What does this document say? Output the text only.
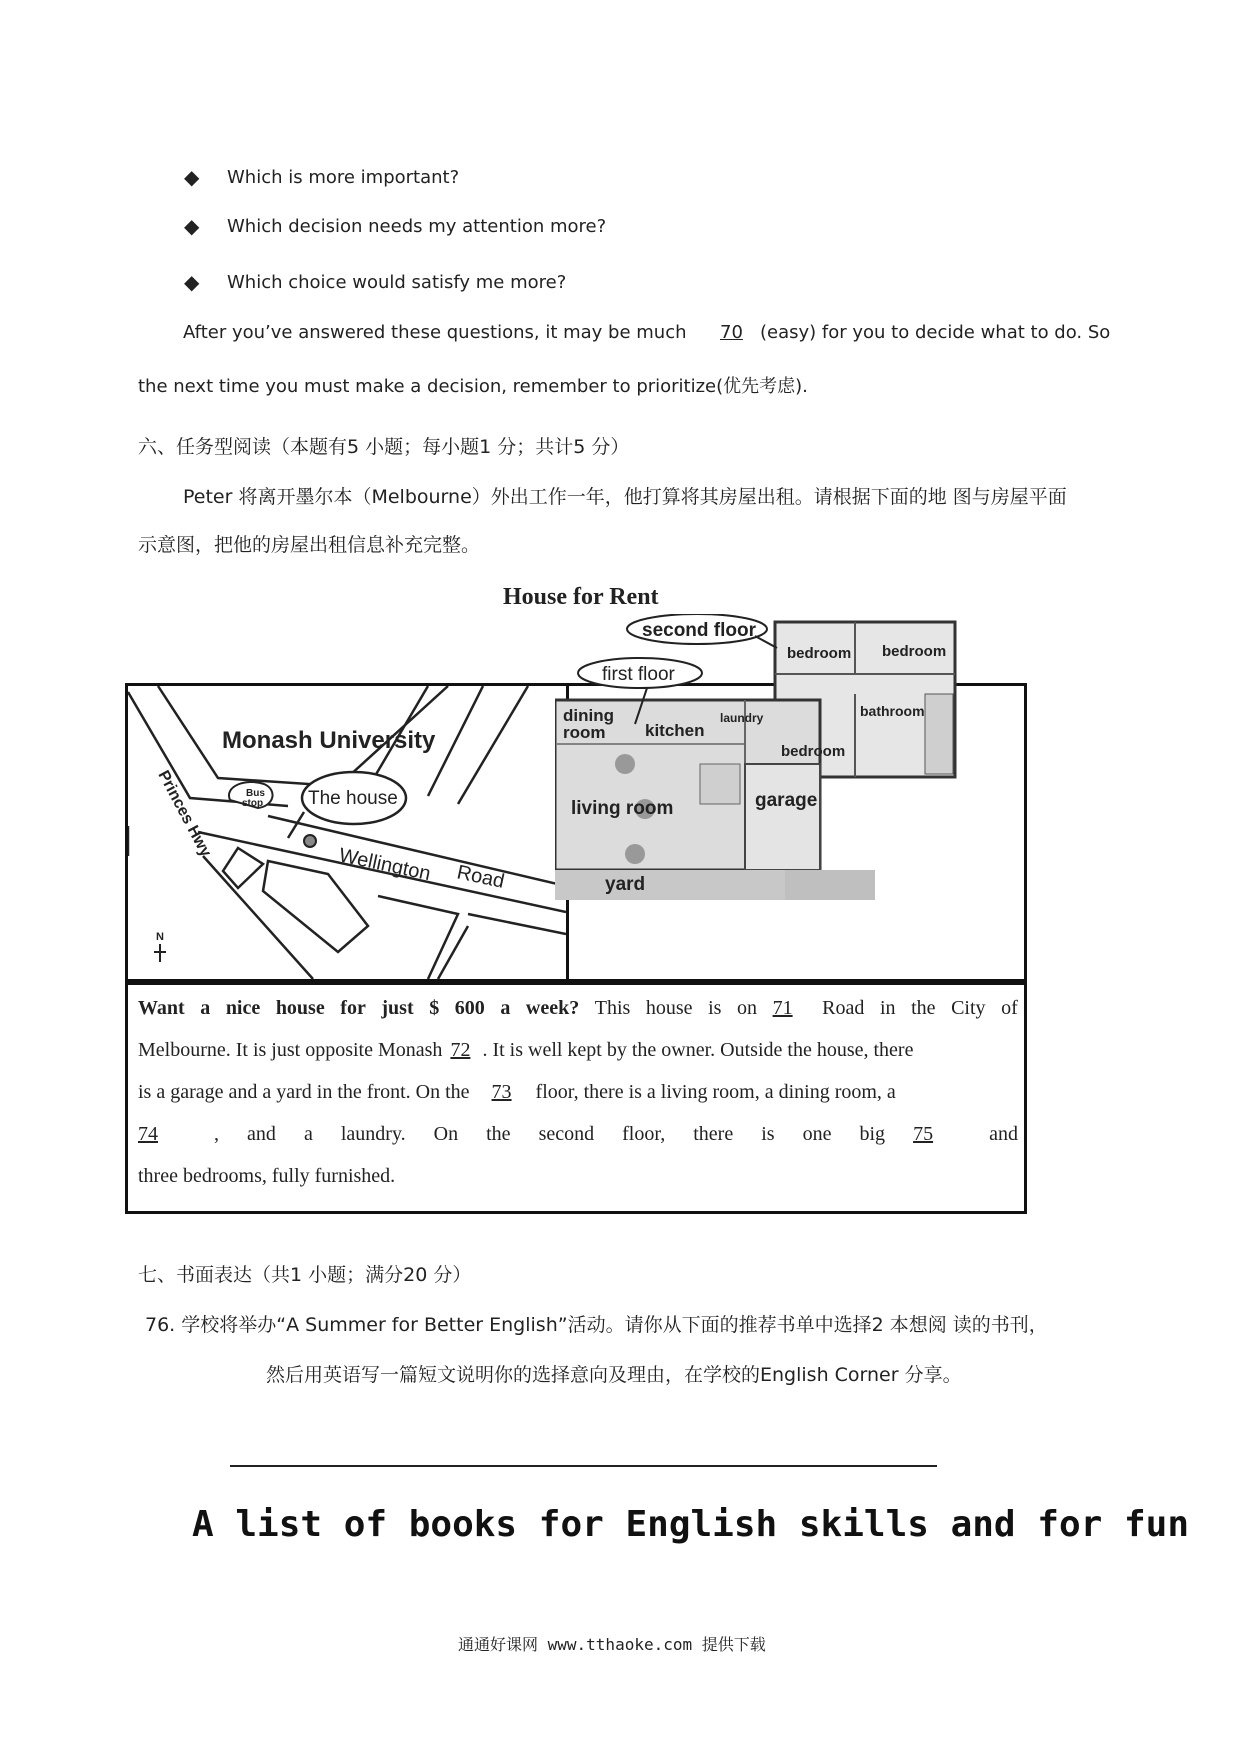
◆ Which is more important?
◆ Which decision needs my attention more?
◆ Which choice would satisfy me more?
After you’ve answered these questions, it may be much 70 (easy) for you to decide what to do. So
the next time you must make a decision, remember to prioritize(优先考虑).
六、任务型阅读（本题有5 小题；每小题1 分；共计5 分）
Peter 将离开墨尔本（Melbourne）外出工作一年，他打算将其房屋出租。请根据下面的地 图与房屋平面
示意图，把他的房屋出租信息补充完整。
House for Rent
Monash University
Bus
stop The house
Wellington Road
Princes Hwy
N
second floor
first floor
bedroom bedroom
bathroom
bedroom
dining
room kitchen
laundry
living room	garage
yard
Want a nice house for just $ 600 a week? This house is on 71	Road in the City of
Melbourne. It is just opposite Monash 72 . It is well kept by the owner. Outside the house, there
is a garage and a yard in the front. On the 73	floor, there is a living room, a dining room, a
74	, and a laundry. On the second floor, there is one big 75	and
three bedrooms, fully furnished.
七、书面表达（共1 小题；满分20 分）
76. 学校将举办“A Summer for Better English”活动。请你从下面的推荐书单中选择2 本想阅 读的书刊，
然后用英语写一篇短文说明你的选择意向及理由，在学校的English Corner 分享。
A list of books for English skills and for fun
通通好课网 www.tthaoke.com 提供下载
